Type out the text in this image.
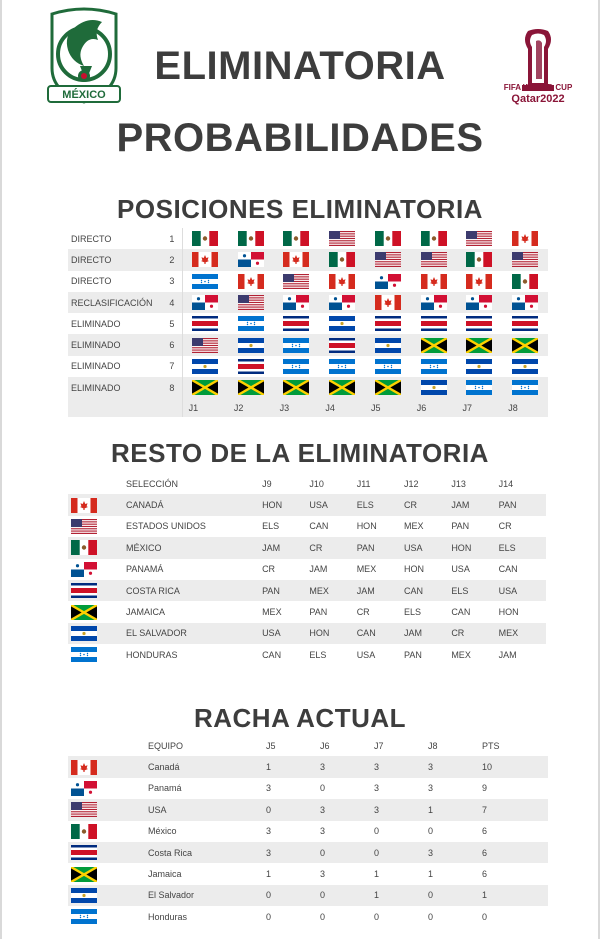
MÉXICO
FIFA WORLD CUP
Qatar2022
ELIMINATORIA
PROBABILIDADES
POSICIONES ELIMINATORIA
DIRECTO	1	

DIRECTO	2	

DIRECTO	3	

RECLASIFICACIÓN	4	

ELIMINADO	5	

ELIMINADO	6	

ELIMINADO	7	

ELIMINADO	8	

		J1	J2	J3	J4	J5	J6	J7	J8
RESTO DE LA ELIMINATORIA
	SELECCIÓN	J9	J10	J11	J12	J13	J14

	CANADÁ	HON	USA	ELS	CR	JAM	PAN

	ESTADOS UNIDOS	ELS	CAN	HON	MEX	PAN	CR

	MÉXICO	JAM	CR	PAN	USA	HON	ELS

	PANAMÁ	CR	JAM	MEX	HON	USA	CAN

	COSTA RICA	PAN	MEX	JAM	CAN	ELS	USA

	JAMAICA	MEX	PAN	CR	ELS	CAN	HON

	EL SALVADOR	USA	HON	CAN	JAM	CR	MEX

	HONDURAS	CAN	ELS	USA	PAN	MEX	JAM
RACHA ACTUAL
	EQUIPO	J5	J6	J7	J8	PTS

	Canadá	1	3	3	3	10

	Panamá	3	0	3	3	9

	USA	0	3	3	1	7

	México	3	3	0	0	6

	Costa Rica	3	0	0	3	6

	Jamaica	1	3	1	1	6

	El Salvador	0	0	1	0	1

	Honduras	0	0	0	0	0
